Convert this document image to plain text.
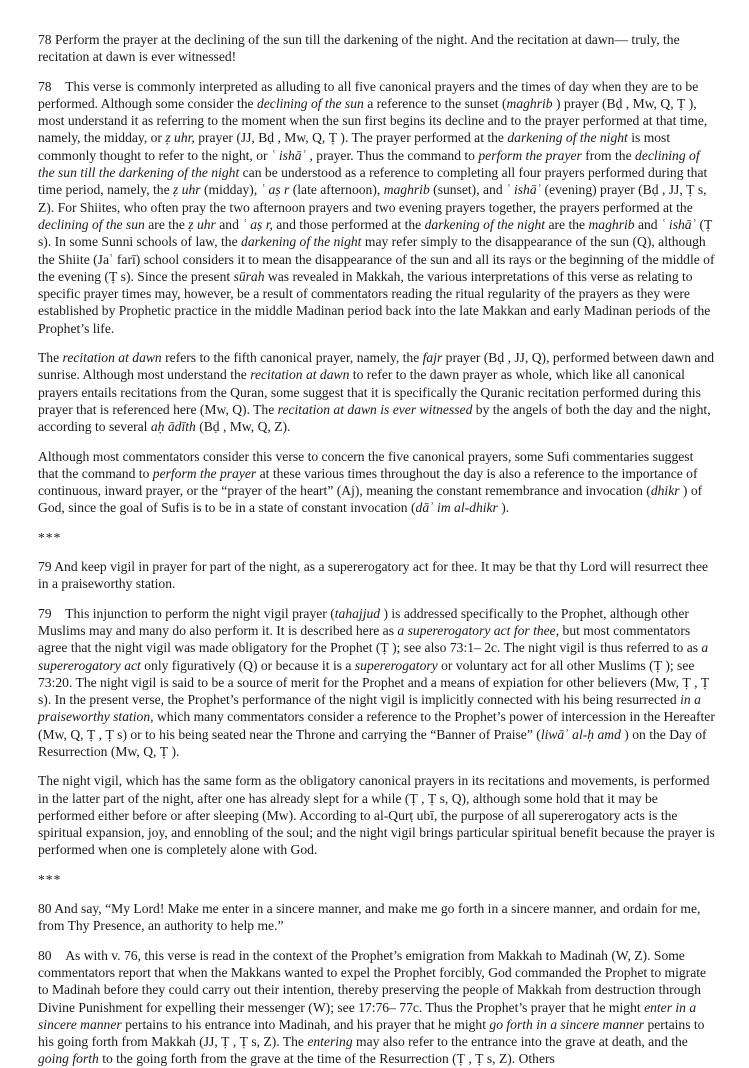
78 Perform the prayer at the declining of the sun till the darkening of the night. And the recitation at dawn— truly, the recitation at dawn is ever witnessed!

78 This verse is commonly interpreted as alluding to all five canonical prayers and the times of day when they are to be performed. Although some consider the declining of the sun a reference to the sunset (maghrib ) prayer (Bḍ , Mw, Q, Ṭ ), most understand it as referring to the moment when the sun first begins its decline and to the prayer performed at that time, namely, the midday, or ẓ uhr, prayer (JJ, Bḍ , Mw, Q, Ṭ ). The prayer performed at the darkening of the night is most commonly thought to refer to the night, or ʿ ishāʾ , prayer. Thus the command to perform the prayer from the declining of the sun till the darkening of the night can be understood as a reference to completing all four prayers performed during that time period, namely, the ẓ uhr (midday), ʿ aṣ r (late afternoon), maghrib (sunset), and ʿ ishāʾ (evening) prayer (Bḍ , JJ, Ṭ s, Z). For Shiites, who often pray the two afternoon prayers and two evening prayers together, the prayers performed at the declining of the sun are the ẓ uhr and ʿ aṣ r, and those performed at the darkening of the night are the maghrib and ʿ ishāʾ (Ṭ s). In some Sunni schools of law, the darkening of the night may refer simply to the disappearance of the sun (Q), although the Shiite (Jaʿ farī) school considers it to mean the disappearance of the sun and all its rays or the beginning of the middle of the evening (Ṭ s). Since the present sūrah was revealed in Makkah, the various interpretations of this verse as relating to specific prayer times may, however, be a result of commentators reading the ritual regularity of the prayers as they were established by Prophetic practice in the middle Madinan period back into the late Makkan and early Madinan periods of the Prophet’s life.

The recitation at dawn refers to the fifth canonical prayer, namely, the fajr prayer (Bḍ , JJ, Q), performed between dawn and sunrise. Although most understand the recitation at dawn to refer to the dawn prayer as whole, which like all canonical prayers entails recitations from the Quran, some suggest that it is specifically the Quranic recitation performed during this prayer that is referenced here (Mw, Q). The recitation at dawn is ever witnessed by the angels of both the day and the night, according to several aḥ ādīth (Bḍ , Mw, Q, Z).

Although most commentators consider this verse to concern the five canonical prayers, some Sufi commentaries suggest that the command to perform the prayer at these various times throughout the day is also a reference to the importance of continuous, inward prayer, or the “prayer of the heart” (Aj), meaning the constant remembrance and invocation (dhikr ) of God, since the goal of Sufis is to be in a state of constant invocation (dāʾ im al-dhikr ).

***

79 And keep vigil in prayer for part of the night, as a supererogatory act for thee. It may be that thy Lord will resurrect thee in a praiseworthy station.

79 This injunction to perform the night vigil prayer (tahajjud ) is addressed specifically to the Prophet, although other Muslims may and many do also perform it. It is described here as a supererogatory act for thee, but most commentators agree that the night vigil was made obligatory for the Prophet (Ṭ ); see also 73:1– 2c. The night vigil is thus referred to as a supererogatory act only figuratively (Q) or because it is a supererogatory or voluntary act for all other Muslims (Ṭ ); see 73:20. The night vigil is said to be a source of merit for the Prophet and a means of expiation for other believers (Mw, Ṭ , Ṭ s). In the present verse, the Prophet’s performance of the night vigil is implicitly connected with his being resurrected in a praiseworthy station, which many commentators consider a reference to the Prophet’s power of intercession in the Hereafter (Mw, Q, Ṭ , Ṭ s) or to his being seated near the Throne and carrying the “Banner of Praise” (liwāʾ al-ḥ amd ) on the Day of Resurrection (Mw, Q, Ṭ ).

The night vigil, which has the same form as the obligatory canonical prayers in its recitations and movements, is performed in the latter part of the night, after one has already slept for a while (Ṭ , Ṭ s, Q), although some hold that it may be performed either before or after sleeping (Mw). According to al-Qurṭ ubī, the purpose of all supererogatory acts is the spiritual expansion, joy, and ennobling of the soul; and the night vigil brings particular spiritual benefit because the prayer is performed when one is completely alone with God.

***

80 And say, “My Lord! Make me enter in a sincere manner, and make me go forth in a sincere manner, and ordain for me, from Thy Presence, an authority to help me.”

80 As with v. 76, this verse is read in the context of the Prophet’s emigration from Makkah to Madinah (W, Z). Some commentators report that when the Makkans wanted to expel the Prophet forcibly, God commanded the Prophet to migrate to Madinah before they could carry out their intention, thereby preserving the people of Makkah from destruction through Divine Punishment for expelling their messenger (W); see 17:76– 77c. Thus the Prophet’s prayer that he might enter in a sincere manner pertains to his entrance into Madinah, and his prayer that he might go forth in a sincere manner pertains to his going forth from Makkah (JJ, Ṭ , Ṭ s, Z). The entering may also refer to the entrance into the grave at death, and the going forth to the going forth from the grave at the time of the Resurrection (Ṭ , Ṭ s, Z). Others
